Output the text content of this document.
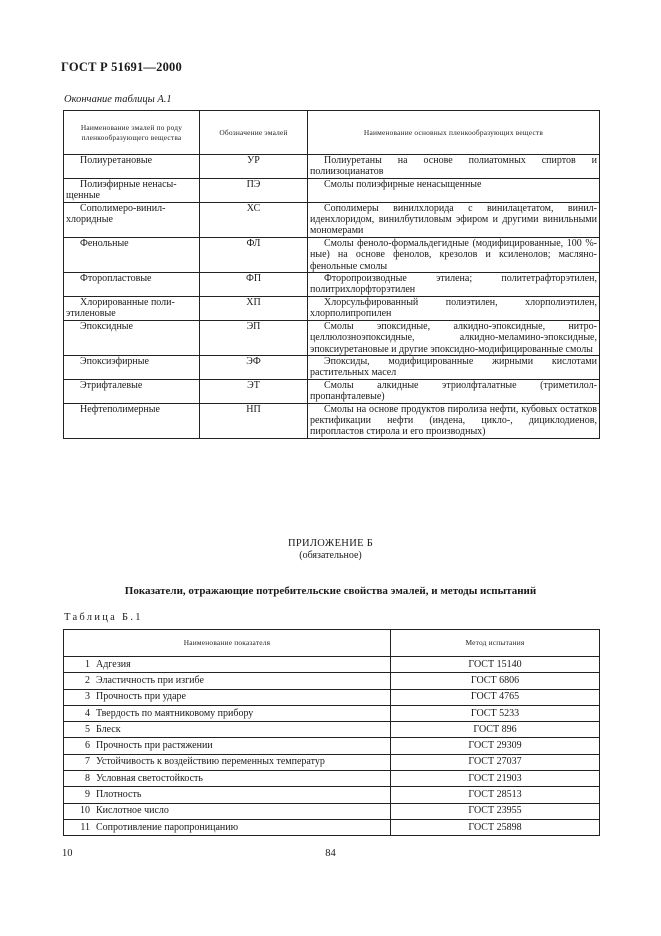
ГОСТ Р 51691—2000
Окончание таблицы А.1
Наименование эмалей по роду пленкообразующего вещества	Обозначение эмалей	Наименование основных пленкообразующих веществ
Полиуретановые	УР	Полиуретаны на основе полиатомных спиртов и полиизоцианатов
Полиэфирные ненасы-щенные	ПЭ	Смолы полиэфирные ненасыщенные
Сополимеро-винил-хлоридные	ХС	Сополимеры винилхлорида с винилацетатом, винил-иденхлоридом, винилбутиловым эфиром и другими винильными мономерами
Фенольные	ФЛ	Смолы феноло-формальдегидные (модифицированные, 100 %-ные) на основе фенолов, крезолов и ксиленолов; масляно-фенольные смолы
Фторопластовые	ФП	Фторопроизводные этилена; политетрафторэтилен, политрихлорфторэтилен
Хлорированные поли-этиленовые	ХП	Хлорсульфированный полиэтилен, хлорполиэтилен, хлорполипропилен
Эпоксидные	ЭП	Смолы эпоксидные, алкидно-эпоксидные, нитро-целлюлозноэпоксидные, алкидно-меламино-эпоксидные, эпоксиуретановые и другие эпоксидно-модифицированные смолы
Эпоксиэфирные	ЭФ	Эпоксиды, модифицированные жирными кислотами растительных масел
Этрифталевые	ЭТ	Смолы алкидные этриолфталатные (триметилол-пропанфталевые)
Нефтеполимерные	НП	Смолы на основе продуктов пиролиза нефти, кубовых остатков ректификации нефти (индена, цикло-, дициклодиенов, пиропластов стирола и его производных)
ПРИЛОЖЕНИЕ Б
(обязательное)
Показатели, отражающие потребительские свойства эмалей, и методы испытаний
Таблица Б.1
Наименование показателя	Метод испытания
1 Адгезия	ГОСТ 15140
2 Эластичность при изгибе	ГОСТ 6806
3 Прочность при ударе	ГОСТ 4765
4 Твердость по маятниковому прибору	ГОСТ 5233
5 Блеск	ГОСТ 896
6 Прочность при растяжении	ГОСТ 29309
7 Устойчивость к воздействию переменных температур	ГОСТ 27037
8 Условная светостойкость	ГОСТ 21903
9 Плотность	ГОСТ 28513
10 Кислотное число	ГОСТ 23955
11 Сопротивление паропроницанию	ГОСТ 25898
10	84
